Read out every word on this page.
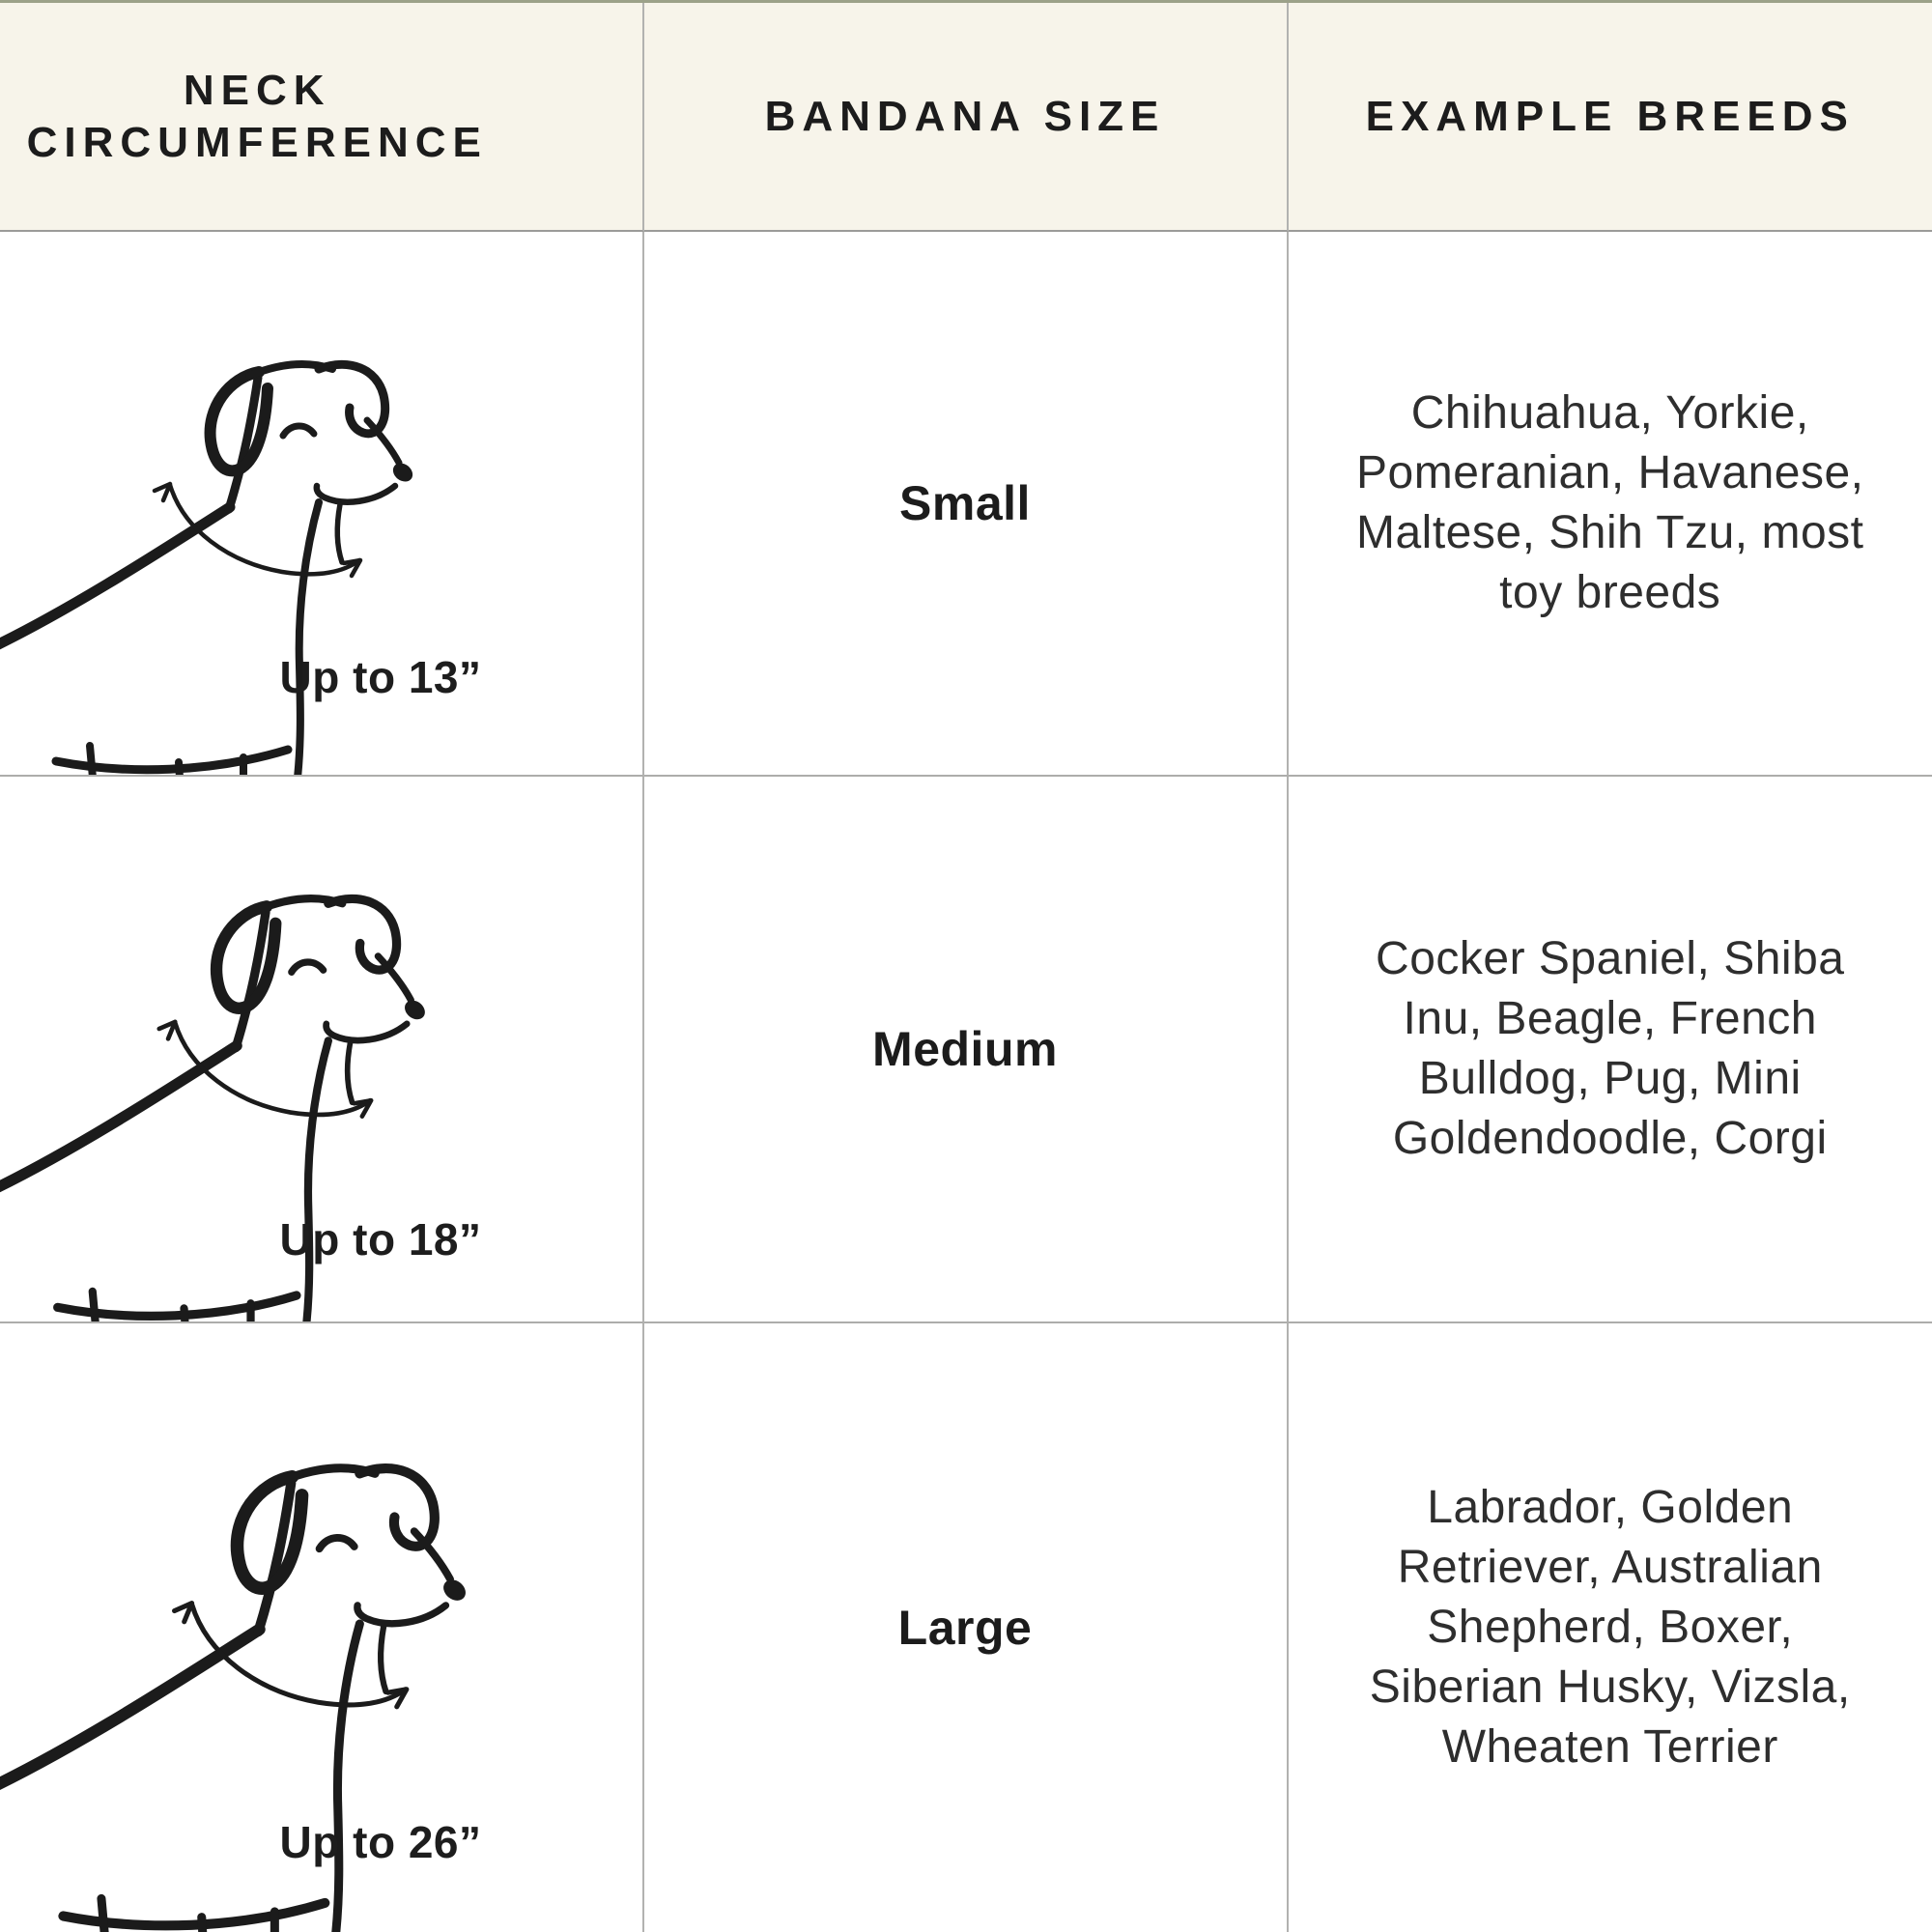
NECK CIRCUMFERENCE
BANDANA SIZE	EXAMPLE BREEDS
Up to 13”
Small
Chihuahua, Yorkie, Pomeranian, Havanese, Maltese, Shih Tzu, most toy breeds
Up to 18”
Medium
Cocker Spaniel, Shiba Inu, Beagle, French Bulldog, Pug, Mini Goldendoodle, Corgi
Up to 26”
Large
Labrador, Golden Retriever, Australian Shepherd, Boxer, Siberian Husky, Vizsla, Wheaten Terrier
